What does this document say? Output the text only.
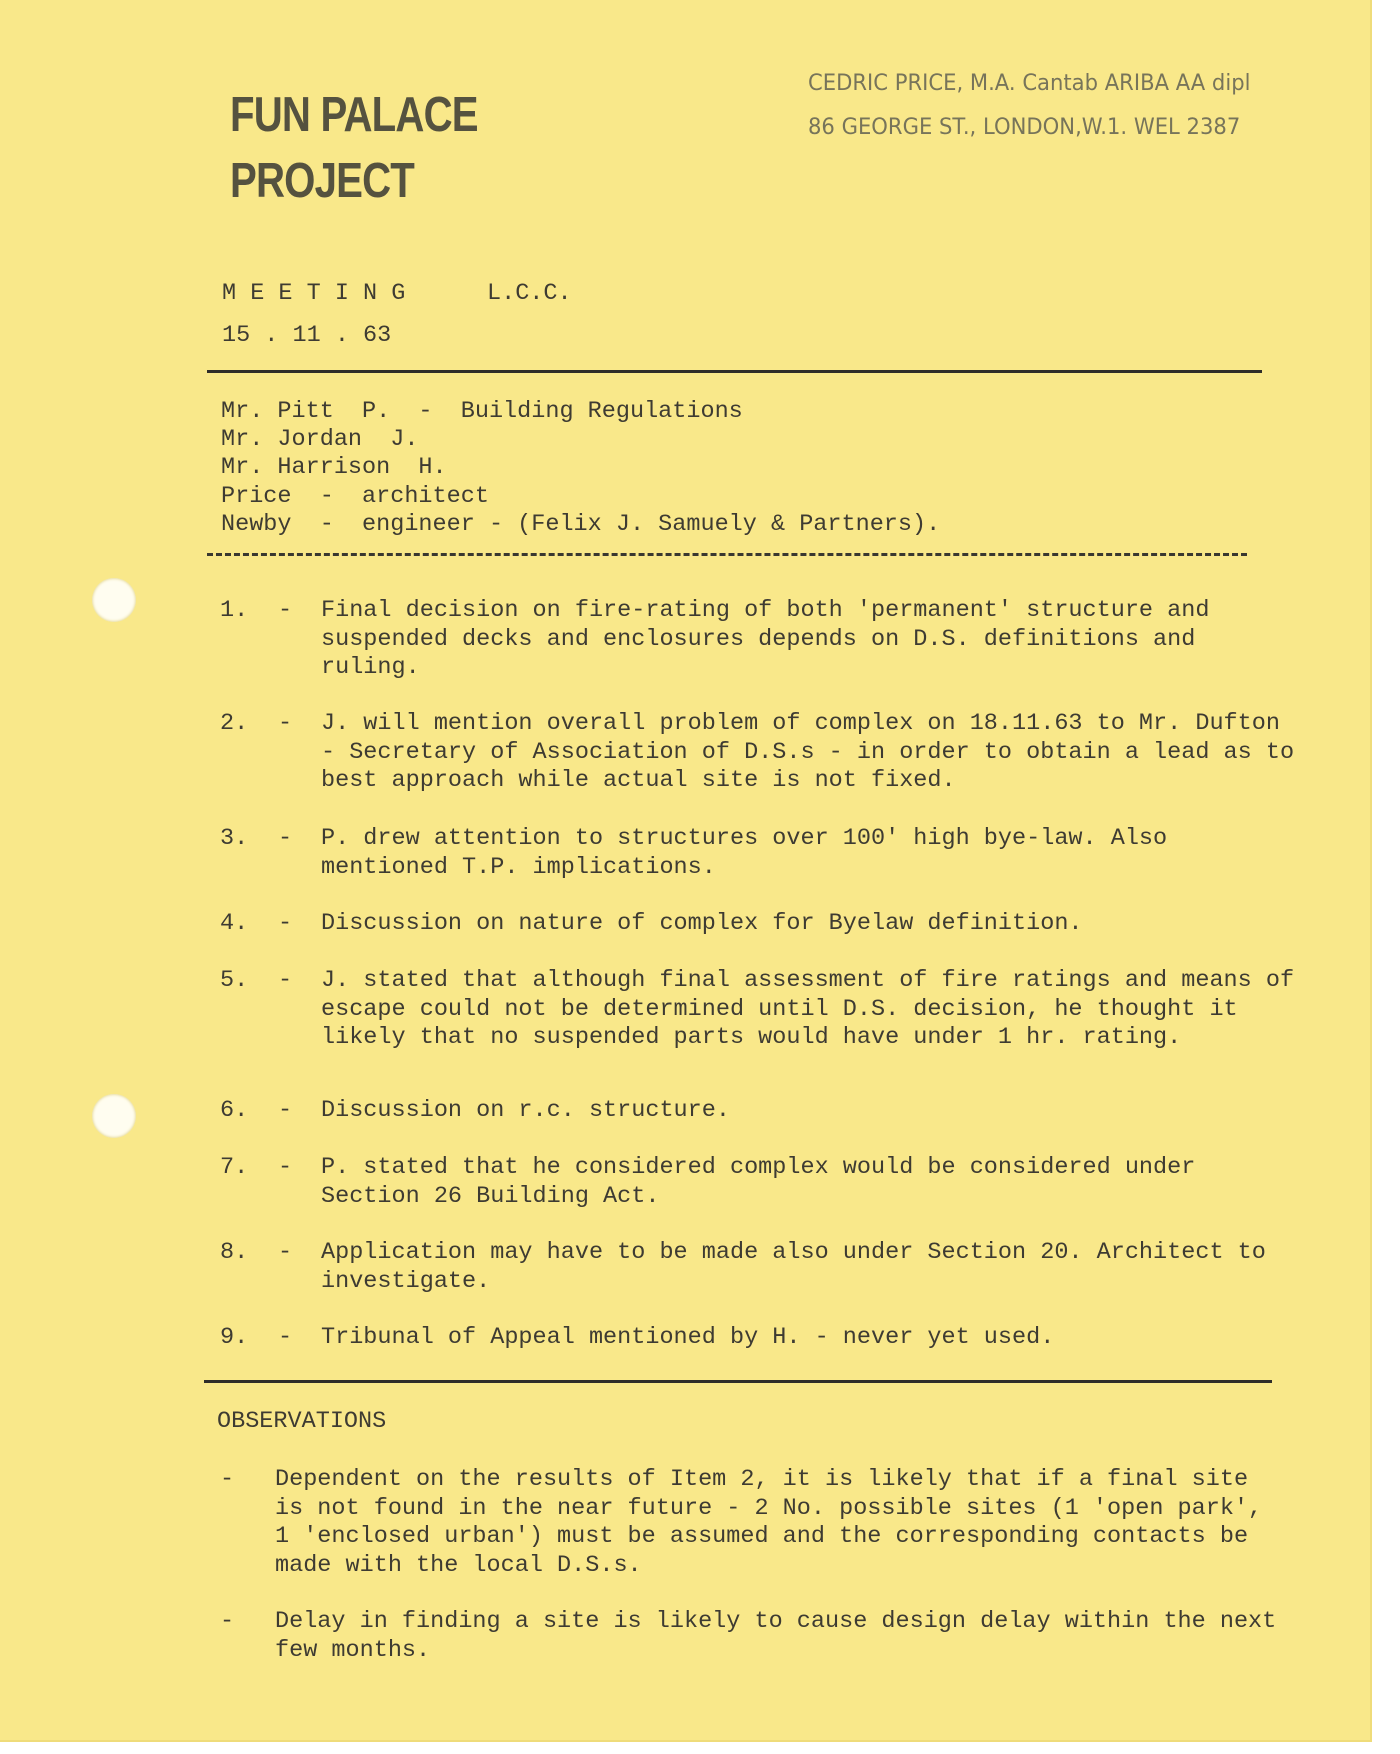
FUN PALACE
PROJECT
CEDRIC PRICE, M.A. Cantab ARIBA AA dipl
86 GEORGE ST., LONDON,W.1. WEL 2387
M E E T I N G	L.C.C.
15 . 11 . 63
Mr. Pitt  P.  -  Building Regulations
Mr. Jordan  J.
Mr. Harrison  H.
Price  -  architect
Newby  -  engineer - (Felix J. Samuely & Partners).
1. - Final decision on fire-rating of both 'permanent' structure and suspended decks and enclosures depends on D.S. definitions and ruling.
2. - J. will mention overall problem of complex on 18.11.63 to Mr. Dufton - Secretary of Association of D.S.s - in order to obtain a lead as to best approach while actual site is not fixed.
3. - P. drew attention to structures over 100' high bye-law. Also mentioned T.P. implications.
4. - Discussion on nature of complex for Byelaw definition.
5. - J. stated that although final assessment of fire ratings and means of escape could not be determined until D.S. decision, he thought it likely that no suspended parts would have under 1 hr. rating.
6. - Discussion on r.c. structure.
7. - P. stated that he considered complex would be considered under Section 26 Building Act.
8. - Application may have to be made also under Section 20. Architect to investigate.
9. - Tribunal of Appeal mentioned by H. - never yet used.
OBSERVATIONS
- Dependent on the results of Item 2, it is likely that if a final site is not found in the near future - 2 No. possible sites (1 'open park', 1 'enclosed urban') must be assumed and the corresponding contacts be made with the local D.S.s.
- Delay in finding a site is likely to cause design delay within the next few months.
